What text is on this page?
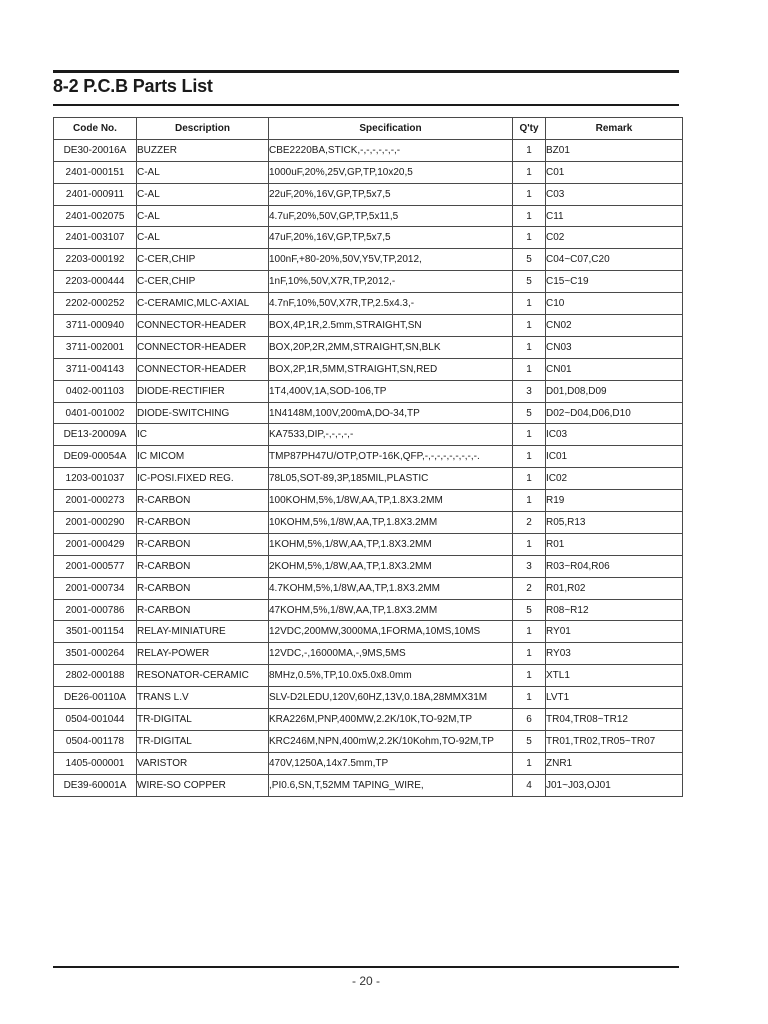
8-2 P.C.B Parts List
Code No.	Description	Specification	Q'ty	Remark
DE30-20016A	BUZZER	CBE2220BA,STICK,-,-,-,-,-,-,-	1	BZ01
2401-000151	C-AL	1000uF,20%,25V,GP,TP,10x20,5	1	C01
2401-000911	C-AL	22uF,20%,16V,GP,TP,5x7,5	1	C03
2401-002075	C-AL	4.7uF,20%,50V,GP,TP,5x11,5	1	C11
2401-003107	C-AL	47uF,20%,16V,GP,TP,5x7,5	1	C02
2203-000192	C-CER,CHIP	100nF,+80-20%,50V,Y5V,TP,2012,	5	C04~C07,C20
2203-000444	C-CER,CHIP	1nF,10%,50V,X7R,TP,2012,-	5	C15~C19
2202-000252	C-CERAMIC,MLC-AXIAL	4.7nF,10%,50V,X7R,TP,2.5x4.3,-	1	C10
3711-000940	CONNECTOR-HEADER	BOX,4P,1R,2.5mm,STRAIGHT,SN	1	CN02
3711-002001	CONNECTOR-HEADER	BOX,20P,2R,2MM,STRAIGHT,SN,BLK	1	CN03
3711-004143	CONNECTOR-HEADER	BOX,2P,1R,5MM,STRAIGHT,SN,RED	1	CN01
0402-001103	DIODE-RECTIFIER	1T4,400V,1A,SOD-106,TP	3	D01,D08,D09
0401-001002	DIODE-SWITCHING	1N4148M,100V,200mA,DO-34,TP	5	D02~D04,D06,D10
DE13-20009A	IC	KA7533,DIP,-,-,-,-,-	1	IC03
DE09-00054A	IC MICOM	TMP87PH47U/OTP,OTP-16K,QFP,-,-,-,-,-,-,-,-,-.	1	IC01
1203-001037	IC-POSI.FIXED REG.	78L05,SOT-89,3P,185MIL,PLASTIC	1	IC02
2001-000273	R-CARBON	100KOHM,5%,1/8W,AA,TP,1.8X3.2MM	1	R19
2001-000290	R-CARBON	10KOHM,5%,1/8W,AA,TP,1.8X3.2MM	2	R05,R13
2001-000429	R-CARBON	1KOHM,5%,1/8W,AA,TP,1.8X3.2MM	1	R01
2001-000577	R-CARBON	2KOHM,5%,1/8W,AA,TP,1.8X3.2MM	3	R03~R04,R06
2001-000734	R-CARBON	4.7KOHM,5%,1/8W,AA,TP,1.8X3.2MM	2	R01,R02
2001-000786	R-CARBON	47KOHM,5%,1/8W,AA,TP,1.8X3.2MM	5	R08~R12
3501-001154	RELAY-MINIATURE	12VDC,200MW,3000MA,1FORMA,10MS,10MS	1	RY01
3501-000264	RELAY-POWER	12VDC,-,16000MA,-,9MS,5MS	1	RY03
2802-000188	RESONATOR-CERAMIC	8MHz,0.5%,TP,10.0x5.0x8.0mm	1	XTL1
DE26-00110A	TRANS L.V	SLV-D2LEDU,120V,60HZ,13V,0.18A,28MMX31M	1	LVT1
0504-001044	TR-DIGITAL	KRA226M,PNP,400MW,2.2K/10K,TO-92M,TP	6	TR04,TR08~TR12
0504-001178	TR-DIGITAL	KRC246M,NPN,400mW,2.2K/10Kohm,TO-92M,TP	5	TR01,TR02,TR05~TR07
1405-000001	VARISTOR	470V,1250A,14x7.5mm,TP	1	ZNR1
DE39-60001A	WIRE-SO COPPER	,PI0.6,SN,T,52MM TAPING_WIRE,	4	J01~J03,OJ01
- 20 -
